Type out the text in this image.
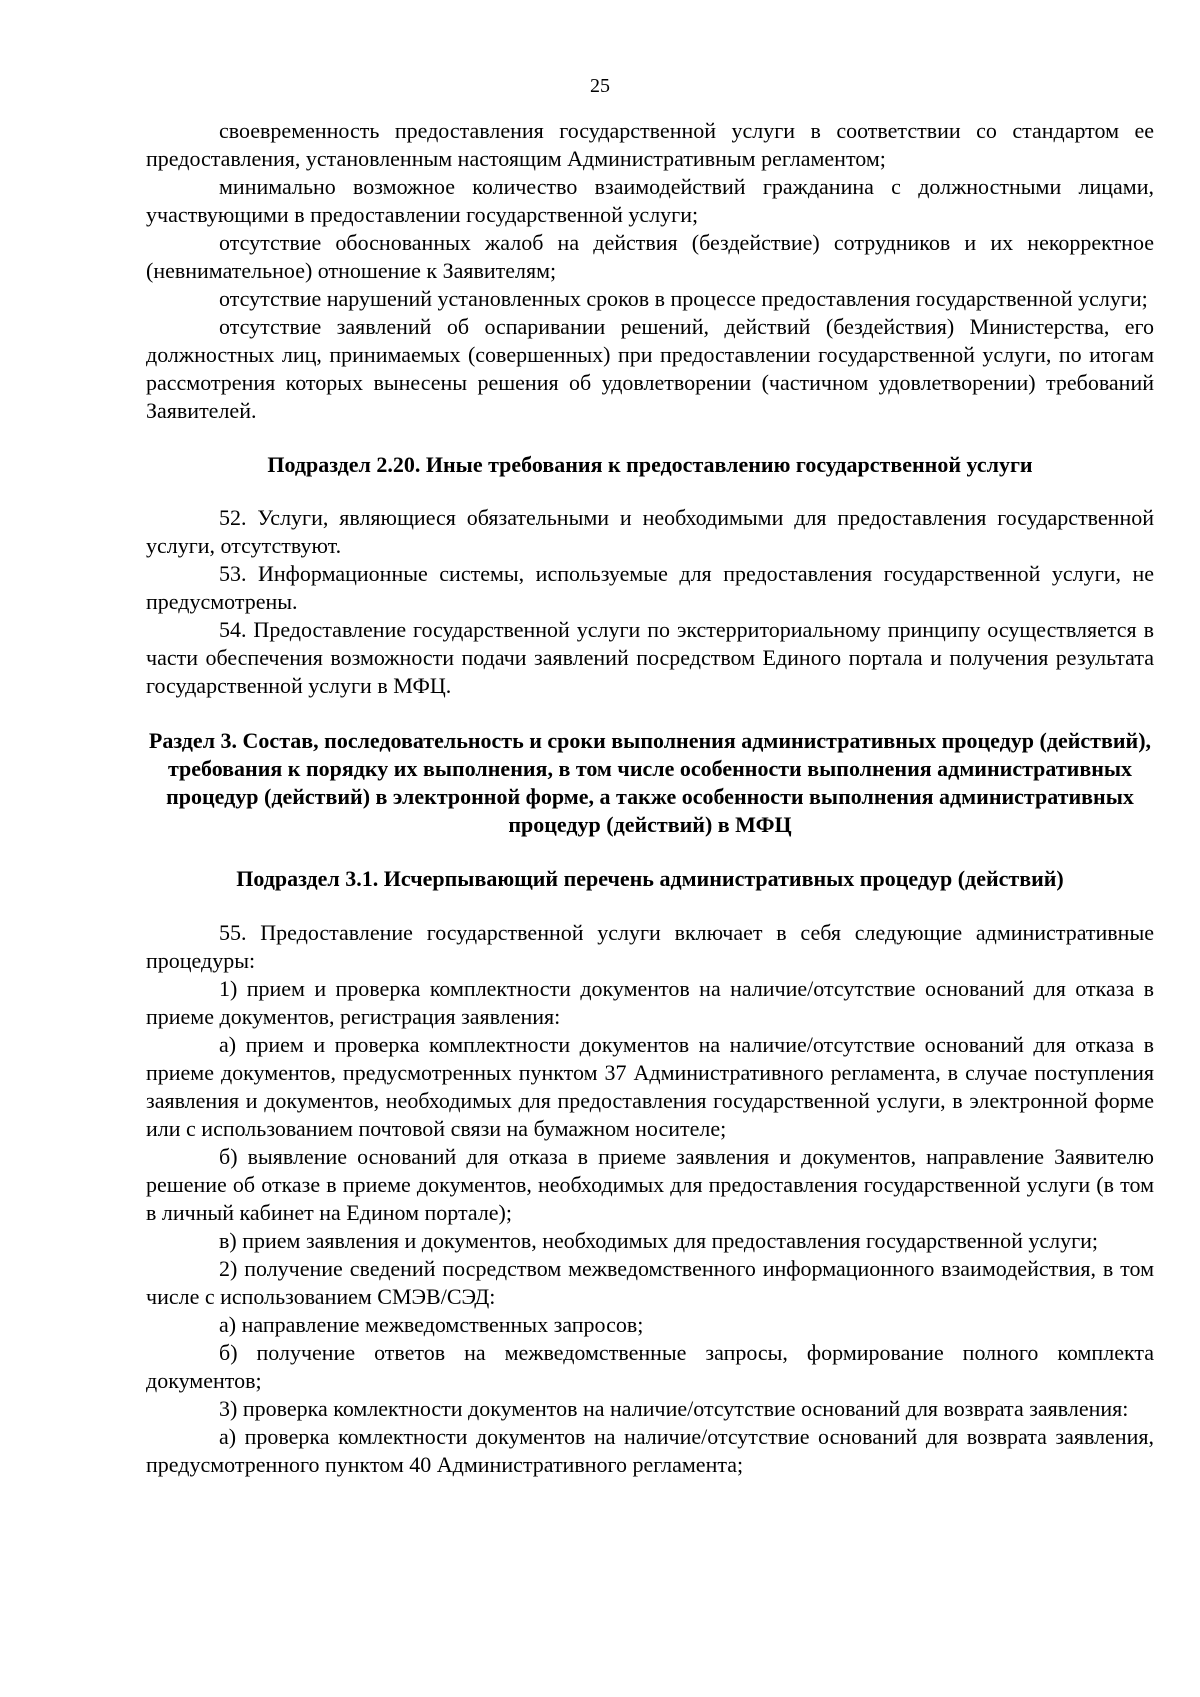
25

своевременность предоставления государственной услуги в соответствии со стандартом ее предоставления, установленным настоящим Административным регламентом;

минимально возможное количество взаимодействий гражданина с должностными лицами, участвующими в предоставлении государственной услуги;

отсутствие обоснованных жалоб на действия (бездействие) сотрудников и их некорректное (невнимательное) отношение к Заявителям;

отсутствие нарушений установленных сроков в процессе предоставления государственной услуги;

отсутствие заявлений об оспаривании решений, действий (бездействия) Министерства, его должностных лиц, принимаемых (совершенных) при предоставлении государственной услуги, по итогам рассмотрения которых вынесены решения об удовлетворении (частичном удовлетворении) требований Заявителей.

Подраздел 2.20. Иные требования к предоставлению государственной услуги

52. Услуги, являющиеся обязательными и необходимыми для предоставления государственной услуги, отсутствуют.

53. Информационные системы, используемые для предоставления государственной услуги, не предусмотрены.

54. Предоставление государственной услуги по экстерриториальному принципу осуществляется в части обеспечения возможности подачи заявлений посредством Единого портала и получения результата государственной услуги в МФЦ.

Раздел 3. Состав, последовательность и сроки выполнения административных процедур (действий), требования к порядку их выполнения, в том числе особенности выполнения административных процедур (действий) в электронной форме, а также особенности выполнения административных процедур (действий) в МФЦ

Подраздел 3.1. Исчерпывающий перечень административных процедур (действий)

55. Предоставление государственной услуги включает в себя следующие административные процедуры:

1) прием и проверка комплектности документов на наличие/отсутствие оснований для отказа в приеме документов, регистрация заявления:

а) прием и проверка комплектности документов на наличие/отсутствие оснований для отказа в приеме документов, предусмотренных пунктом 37 Административного регламента, в случае поступления заявления и документов, необходимых для предоставления государственной услуги, в электронной форме или с использованием почтовой связи на бумажном носителе;

б) выявление оснований для отказа в приеме заявления и документов, направление Заявителю решение об отказе в приеме документов, необходимых для предоставления государственной услуги (в том в личный кабинет на Едином портале);

в) прием заявления и документов, необходимых для предоставления государственной услуги;

2) получение сведений посредством межведомственного информационного взаимодействия, в том числе с использованием СМЭВ/СЭД:

а) направление межведомственных запросов;

б) получение ответов на межведомственные запросы, формирование полного комплекта документов;

3) проверка комлектности документов на наличие/отсутствие оснований для возврата заявления:

а) проверка комлектности документов на наличие/отсутствие оснований для возврата заявления, предусмотренного пунктом 40 Административного регламента;
